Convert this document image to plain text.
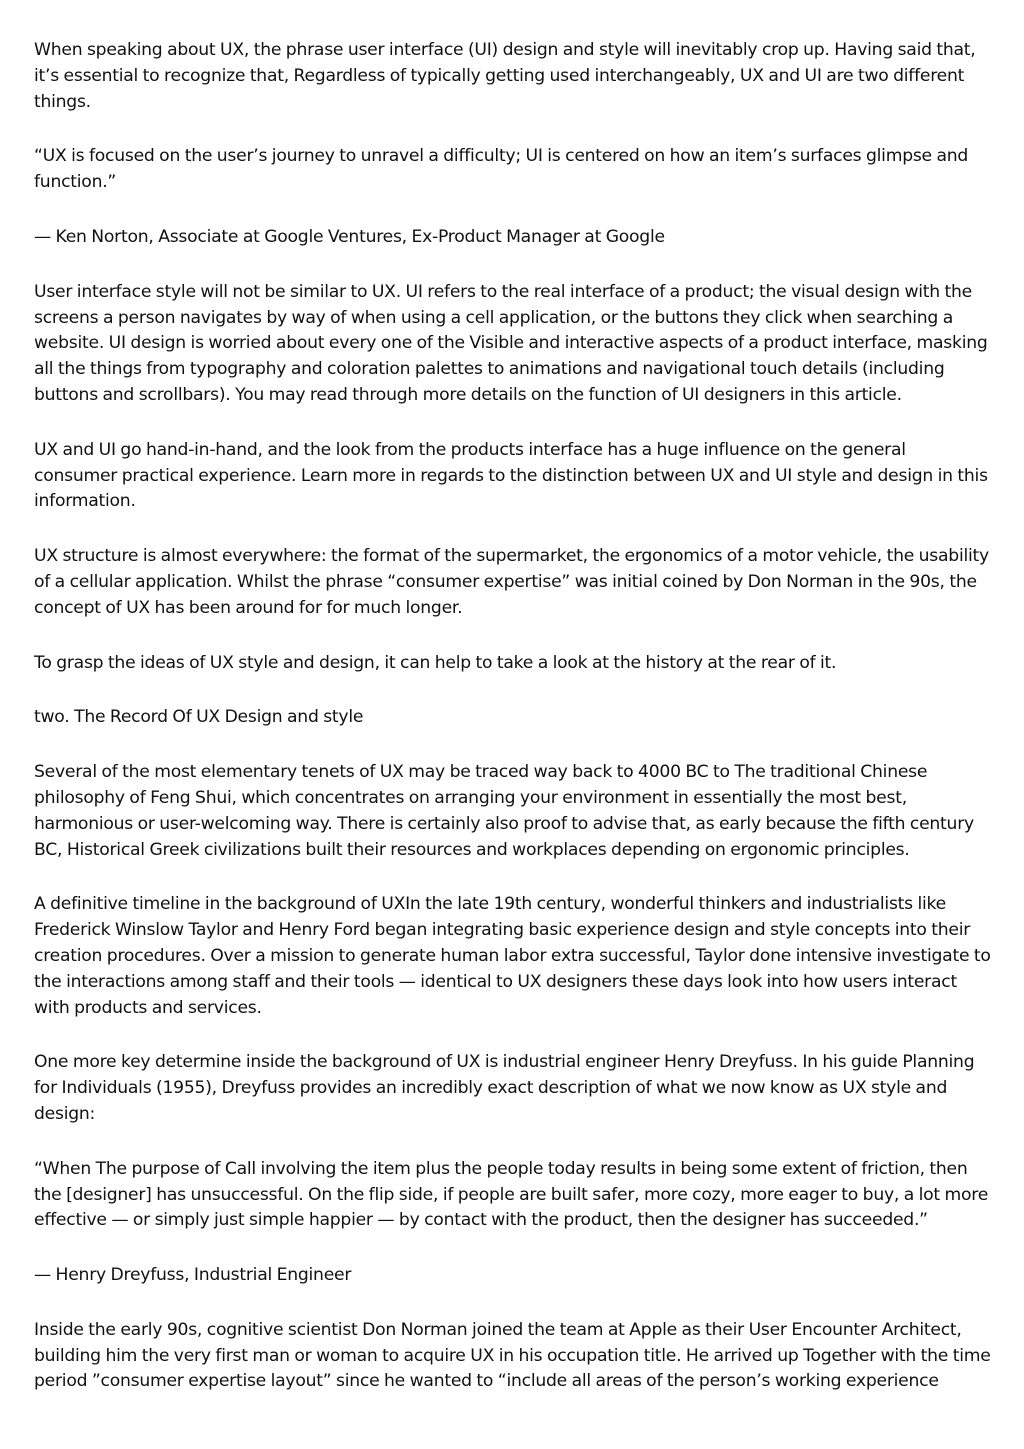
When speaking about UX, the phrase user interface (UI) design and style will inevitably crop up. Having said that, it’s essential to recognize that, Regardless of typically getting used interchangeably, UX and UI are two different things.

“UX is focused on the user’s journey to unravel a difficulty; UI is centered on how an item’s surfaces glimpse and function.”

— Ken Norton, Associate at Google Ventures, Ex-Product Manager at Google

User interface style will not be similar to UX. UI refers to the real interface of a product; the visual design with the screens a person navigates by way of when using a cell application, or the buttons they click when searching a website. UI design is worried about every one of the Visible and interactive aspects of a product interface, masking all the things from typography and coloration palettes to animations and navigational touch details (including buttons and scrollbars). You may read through more details on the function of UI designers in this article.

UX and UI go hand-in-hand, and the look from the products interface has a huge influence on the general consumer practical experience. Learn more in regards to the distinction between UX and UI style and design in this information.

UX structure is almost everywhere: the format of the supermarket, the ergonomics of a motor vehicle, the usability of a cellular application. Whilst the phrase “consumer expertise” was initial coined by Don Norman in the 90s, the concept of UX has been around for for much longer.

To grasp the ideas of UX style and design, it can help to take a look at the history at the rear of it.

two. The Record Of UX Design and style

Several of the most elementary tenets of UX may be traced way back to 4000 BC to The traditional Chinese philosophy of Feng Shui, which concentrates on arranging your environment in essentially the most best, harmonious or user-welcoming way. There is certainly also proof to advise that, as early because the fifth century BC, Historical Greek civilizations built their resources and workplaces depending on ergonomic principles.

A definitive timeline in the background of UXIn the late 19th century, wonderful thinkers and industrialists like Frederick Winslow Taylor and Henry Ford began integrating basic experience design and style concepts into their creation procedures. Over a mission to generate human labor extra successful, Taylor done intensive investigate to the interactions among staff and their tools — identical to UX designers these days look into how users interact with products and services.

One more key determine inside the background of UX is industrial engineer Henry Dreyfuss. In his guide Planning for Individuals (1955), Dreyfuss provides an incredibly exact description of what we now know as UX style and design:

“When The purpose of Call involving the item plus the people today results in being some extent of friction, then the [designer] has unsuccessful. On the flip side, if people are built safer, more cozy, more eager to buy, a lot more effective — or simply just simple happier — by contact with the product, then the designer has succeeded.”

— Henry Dreyfuss, Industrial Engineer

Inside the early 90s, cognitive scientist Don Norman joined the team at Apple as their User Encounter Architect, building him the very first man or woman to acquire UX in his occupation title. He arrived up Together with the time period ”consumer expertise layout” since he wanted to “include all areas of the person’s working experience
